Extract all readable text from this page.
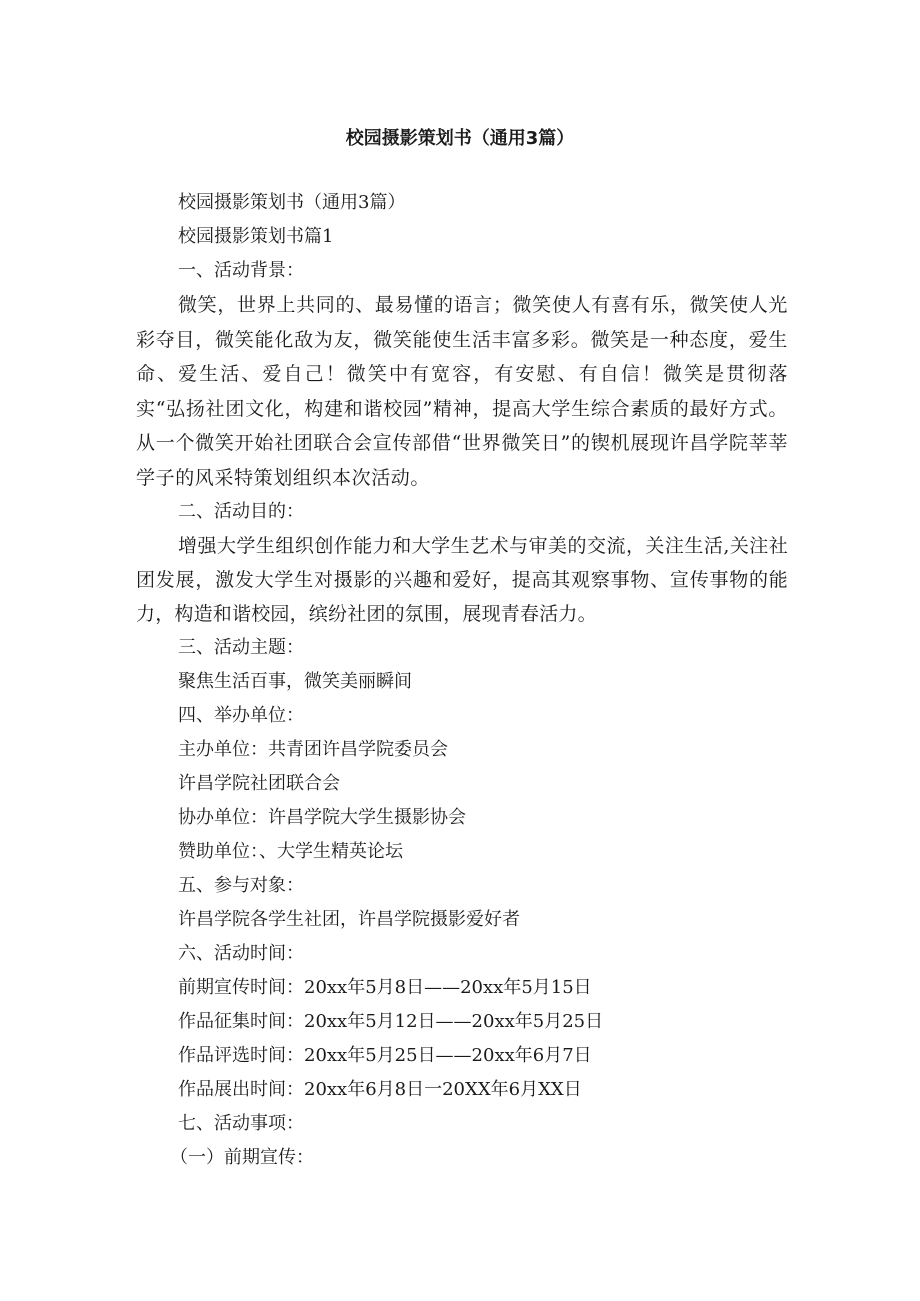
校园摄影策划书（通用3篇）

校园摄影策划书（通用3篇）

校园摄影策划书篇1

一、活动背景：

微笑，世界上共同的、最易懂的语言；微笑使人有喜有乐，微笑使人光彩夺目，微笑能化敌为友，微笑能使生活丰富多彩。微笑是一种态度，爱生命、爱生活、爱自己！微笑中有宽容，有安慰、有自信！微笑是贯彻落实“弘扬社团文化，构建和谐校园”精神，提高大学生综合素质的最好方式。从一个微笑开始社团联合会宣传部借“世界微笑日”的锲机展现许昌学院莘莘学子的风采特策划组织本次活动。

二、活动目的：

增强大学生组织创作能力和大学生艺术与审美的交流，关注生活,关注社团发展，激发大学生对摄影的兴趣和爱好，提高其观察事物、宣传事物的能力，构造和谐校园，缤纷社团的氛围，展现青春活力。

三、活动主题：

聚焦生活百事，微笑美丽瞬间

四、举办单位：

主办单位：共青团许昌学院委员会

许昌学院社团联合会

协办单位：许昌学院大学生摄影协会

赞助单位：、大学生精英论坛

五、参与对象：

许昌学院各学生社团，许昌学院摄影爱好者

六、活动时间：

前期宣传时间：20xx年5月8日——20xx年5月15日

作品征集时间：20xx年5月12日——20xx年5月25日

作品评选时间：20xx年5月25日——20xx年6月7日

作品展出时间：20xx年6月8日一20XX年6月XX日

七、活动事项：

（一）前期宣传：
